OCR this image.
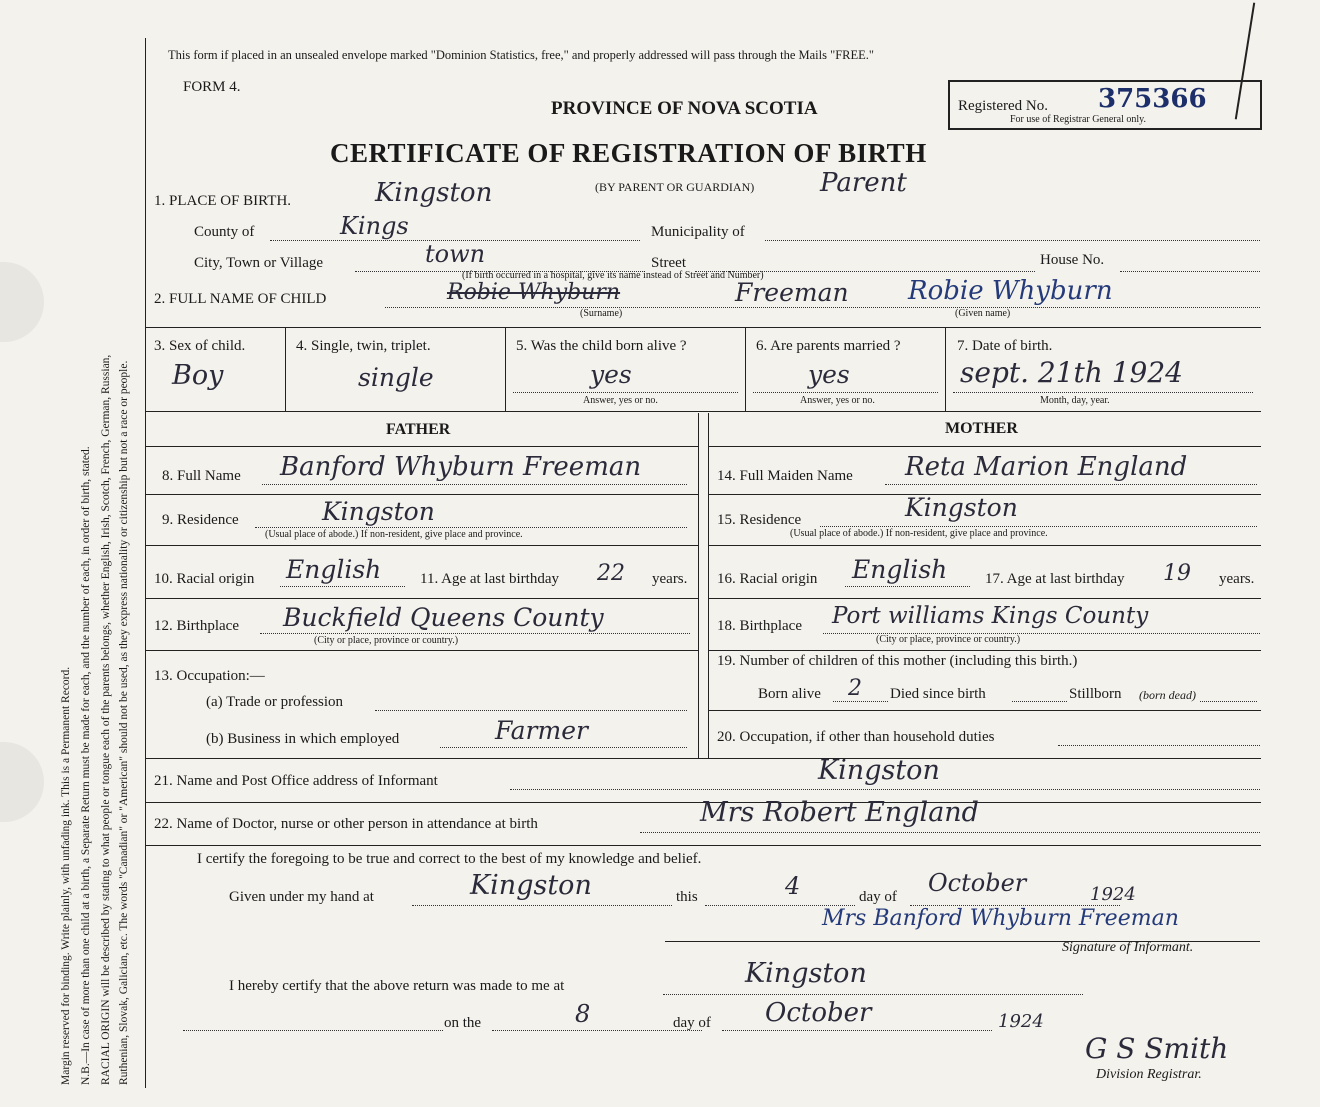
Margin reserved for binding. Write plainly, with unfading ink. This is a Permanent Record. N.B.—In case of more than one child at a birth, a Separate Return must be made for each, and the number of each, in order of birth, stated. RACIAL ORIGIN will be described by stating to what people or tongue each of the parents belongs, whether English, Irish, Scotch, French, German, Russian, Ruthenian, Slovak, Galician, etc. The words "Canadian" or "American" should not be used, as they express nationality or citizenship but not a race or people.
This form if placed in an unsealed envelope marked "Dominion Statistics, free," and properly addressed will pass through the Mails "FREE."
FORM 4.
PROVINCE OF NOVA SCOTIA	Registered No. 375366
For use of Registrar General only.
CERTIFICATE OF REGISTRATION OF BIRTH
(BY PARENT OR GUARDIAN)	Parent
1. PLACE OF BIRTH.	Kingston
County of	Kings	Municipality of
City, Town or Village	town	Street	House No.
(If birth occurred in a hospital, give its name instead of Street and Number)
2. FULL NAME OF CHILD	Robie Whyburn	Freeman Robie Whyburn
(Surname)	(Given name)
3. Sex of child.
Boy
4. Single, twin, triplet.
single
5. Was the child born alive ?
yes
Answer, yes or no.
6. Are parents married ?
yes
Answer, yes or no.
7. Date of birth.
sept. 21th 1924
Month, day, year.
FATHER
8. Full Name Banford Whyburn Freeman
9. Residence	Kingston
(Usual place of abode.) If non-resident, give place and province.
10. Racial origin English	11. Age at last birthday 22 years.
12. Birthplace Buckfield Queens County
(City or place, province or country.)
13. Occupation:—
(a) Trade or profession
(b) Business in which employed	Farmer
MOTHER
14. Full Maiden Name Reta Marion England
15. Residence	Kingston
(Usual place of abode.) If non-resident, give place and province.
16. Racial origin English	17. Age at last birthday 19 years.
18. Birthplace Port williams Kings County
(City or place, province or country.)
19. Number of children of this mother (including this birth.)
Born alive 2 Died since birth	Stillborn (born dead)
20. Occupation, if other than household duties
21. Name and Post Office address of Informant	Kingston
22. Name of Doctor, nurse or other person in attendance at birth	Mrs Robert England
I certify the foregoing to be true and correct to the best of my knowledge and belief.
Given under my hand at	Kingston	this	4	day of October	1924
Mrs Banford Whyburn Freeman
Signature of Informant.
I hereby certify that the above return was made to me at	Kingston
on the	8	day of October	1924
G S Smith
Division Registrar.
